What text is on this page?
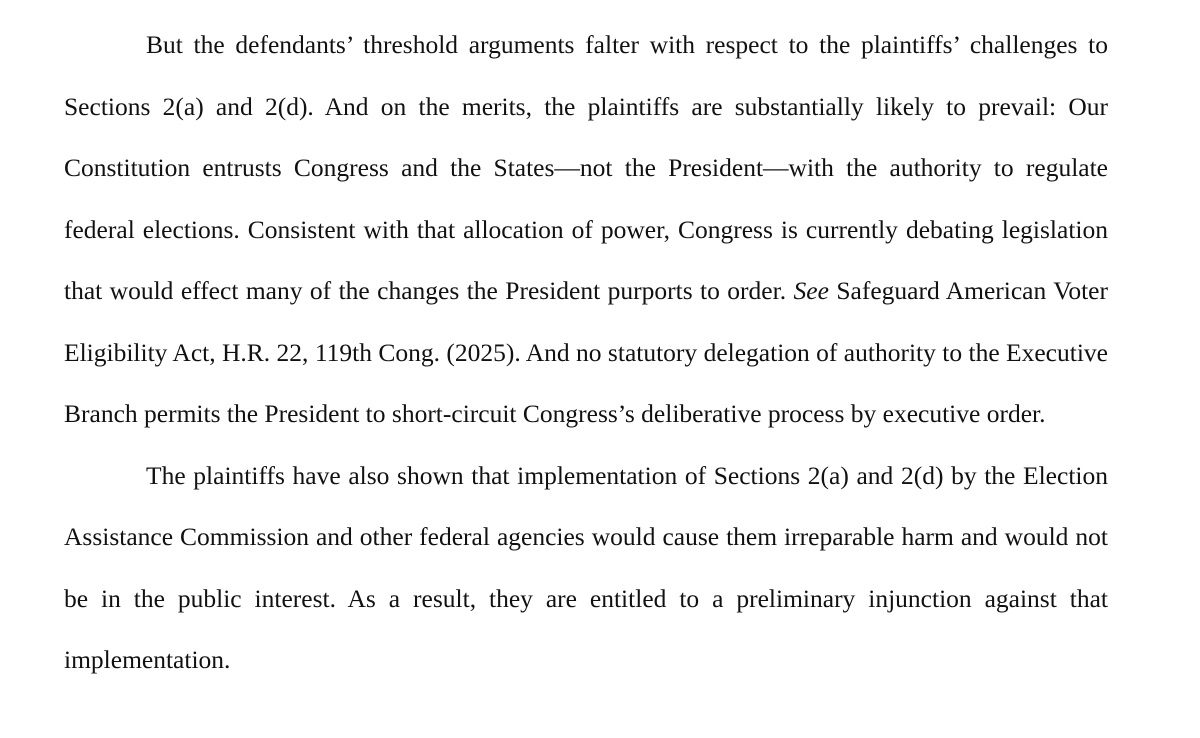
But the defendants’ threshold arguments falter with respect to the plaintiffs’ challenges to Sections 2(a) and 2(d). And on the merits, the plaintiffs are substantially likely to prevail: Our Constitution entrusts Congress and the States—not the President—with the authority to regulate federal elections. Consistent with that allocation of power, Congress is currently debating legislation that would effect many of the changes the President purports to order. See Safeguard American Voter Eligibility Act, H.R. 22, 119th Cong. (2025). And no statutory delegation of authority to the Executive Branch permits the President to short-circuit Congress’s deliberative process by executive order.

The plaintiffs have also shown that implementation of Sections 2(a) and 2(d) by the Election Assistance Commission and other federal agencies would cause them irreparable harm and would not be in the public interest. As a result, they are entitled to a preliminary injunction against that implementation.
